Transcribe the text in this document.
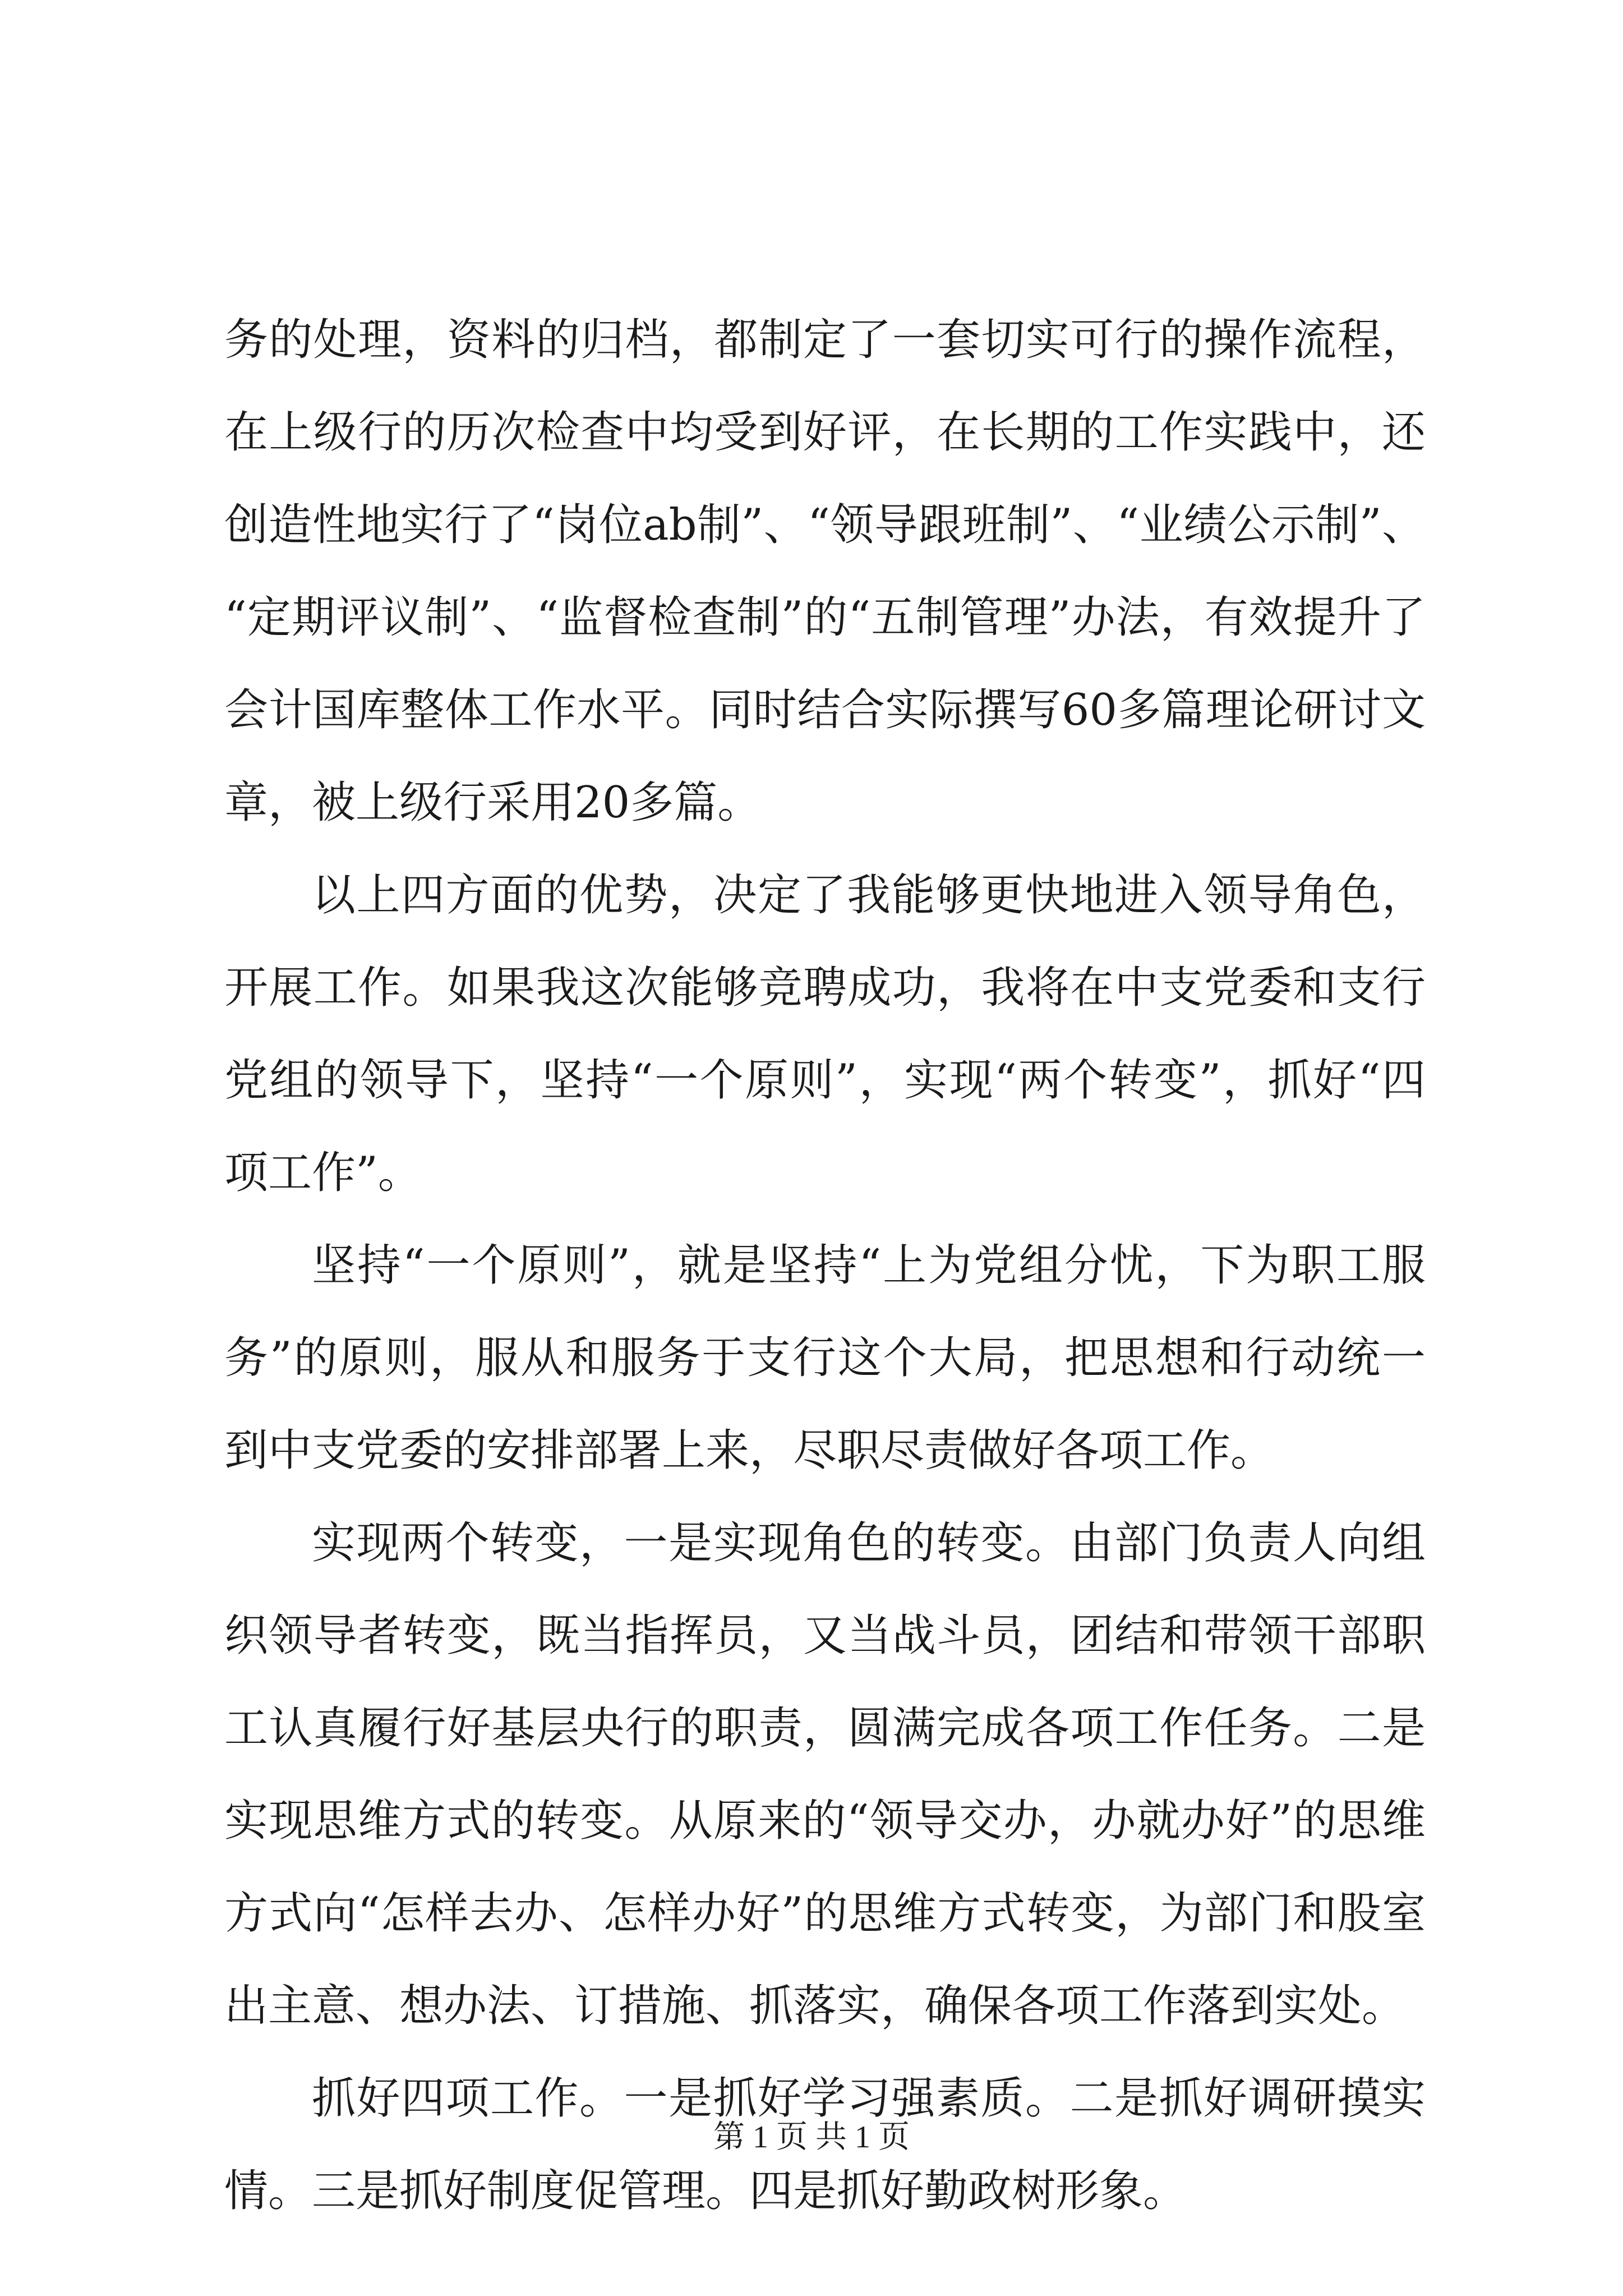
务的处理，资料的归档，都制定了一套切实可行的操作流程，在上级行的历次检查中均受到好评，在长期的工作实践中，还创造性地实行了“岗位ab制”、“领导跟班制”、“业绩公示制”、“定期评议制”、“监督检查制”的“五制管理”办法，有效提升了会计国库整体工作水平。同时结合实际撰写60多篇理论研讨文章，被上级行采用20多篇。

以上四方面的优势，决定了我能够更快地进入领导角色，开展工作。如果我这次能够竞聘成功，我将在中支党委和支行党组的领导下，坚持“一个原则”，实现“两个转变”，抓好“四项工作”。

坚持“一个原则”，就是坚持“上为党组分忧，下为职工服务”的原则，服从和服务于支行这个大局，把思想和行动统一到中支党委的安排部署上来，尽职尽责做好各项工作。

实现两个转变，一是实现角色的转变。由部门负责人向组织领导者转变，既当指挥员，又当战斗员，团结和带领干部职工认真履行好基层央行的职责，圆满完成各项工作任务。二是实现思维方式的转变。从原来的“领导交办，办就办好”的思维方式向“怎样去办、怎样办好”的思维方式转变，为部门和股室出主意、想办法、订措施、抓落实，确保各项工作落到实处。

抓好四项工作。一是抓好学习强素质。二是抓好调研摸实情。三是抓好制度促管理。四是抓好勤政树形象。

第 1 页 共 1 页
